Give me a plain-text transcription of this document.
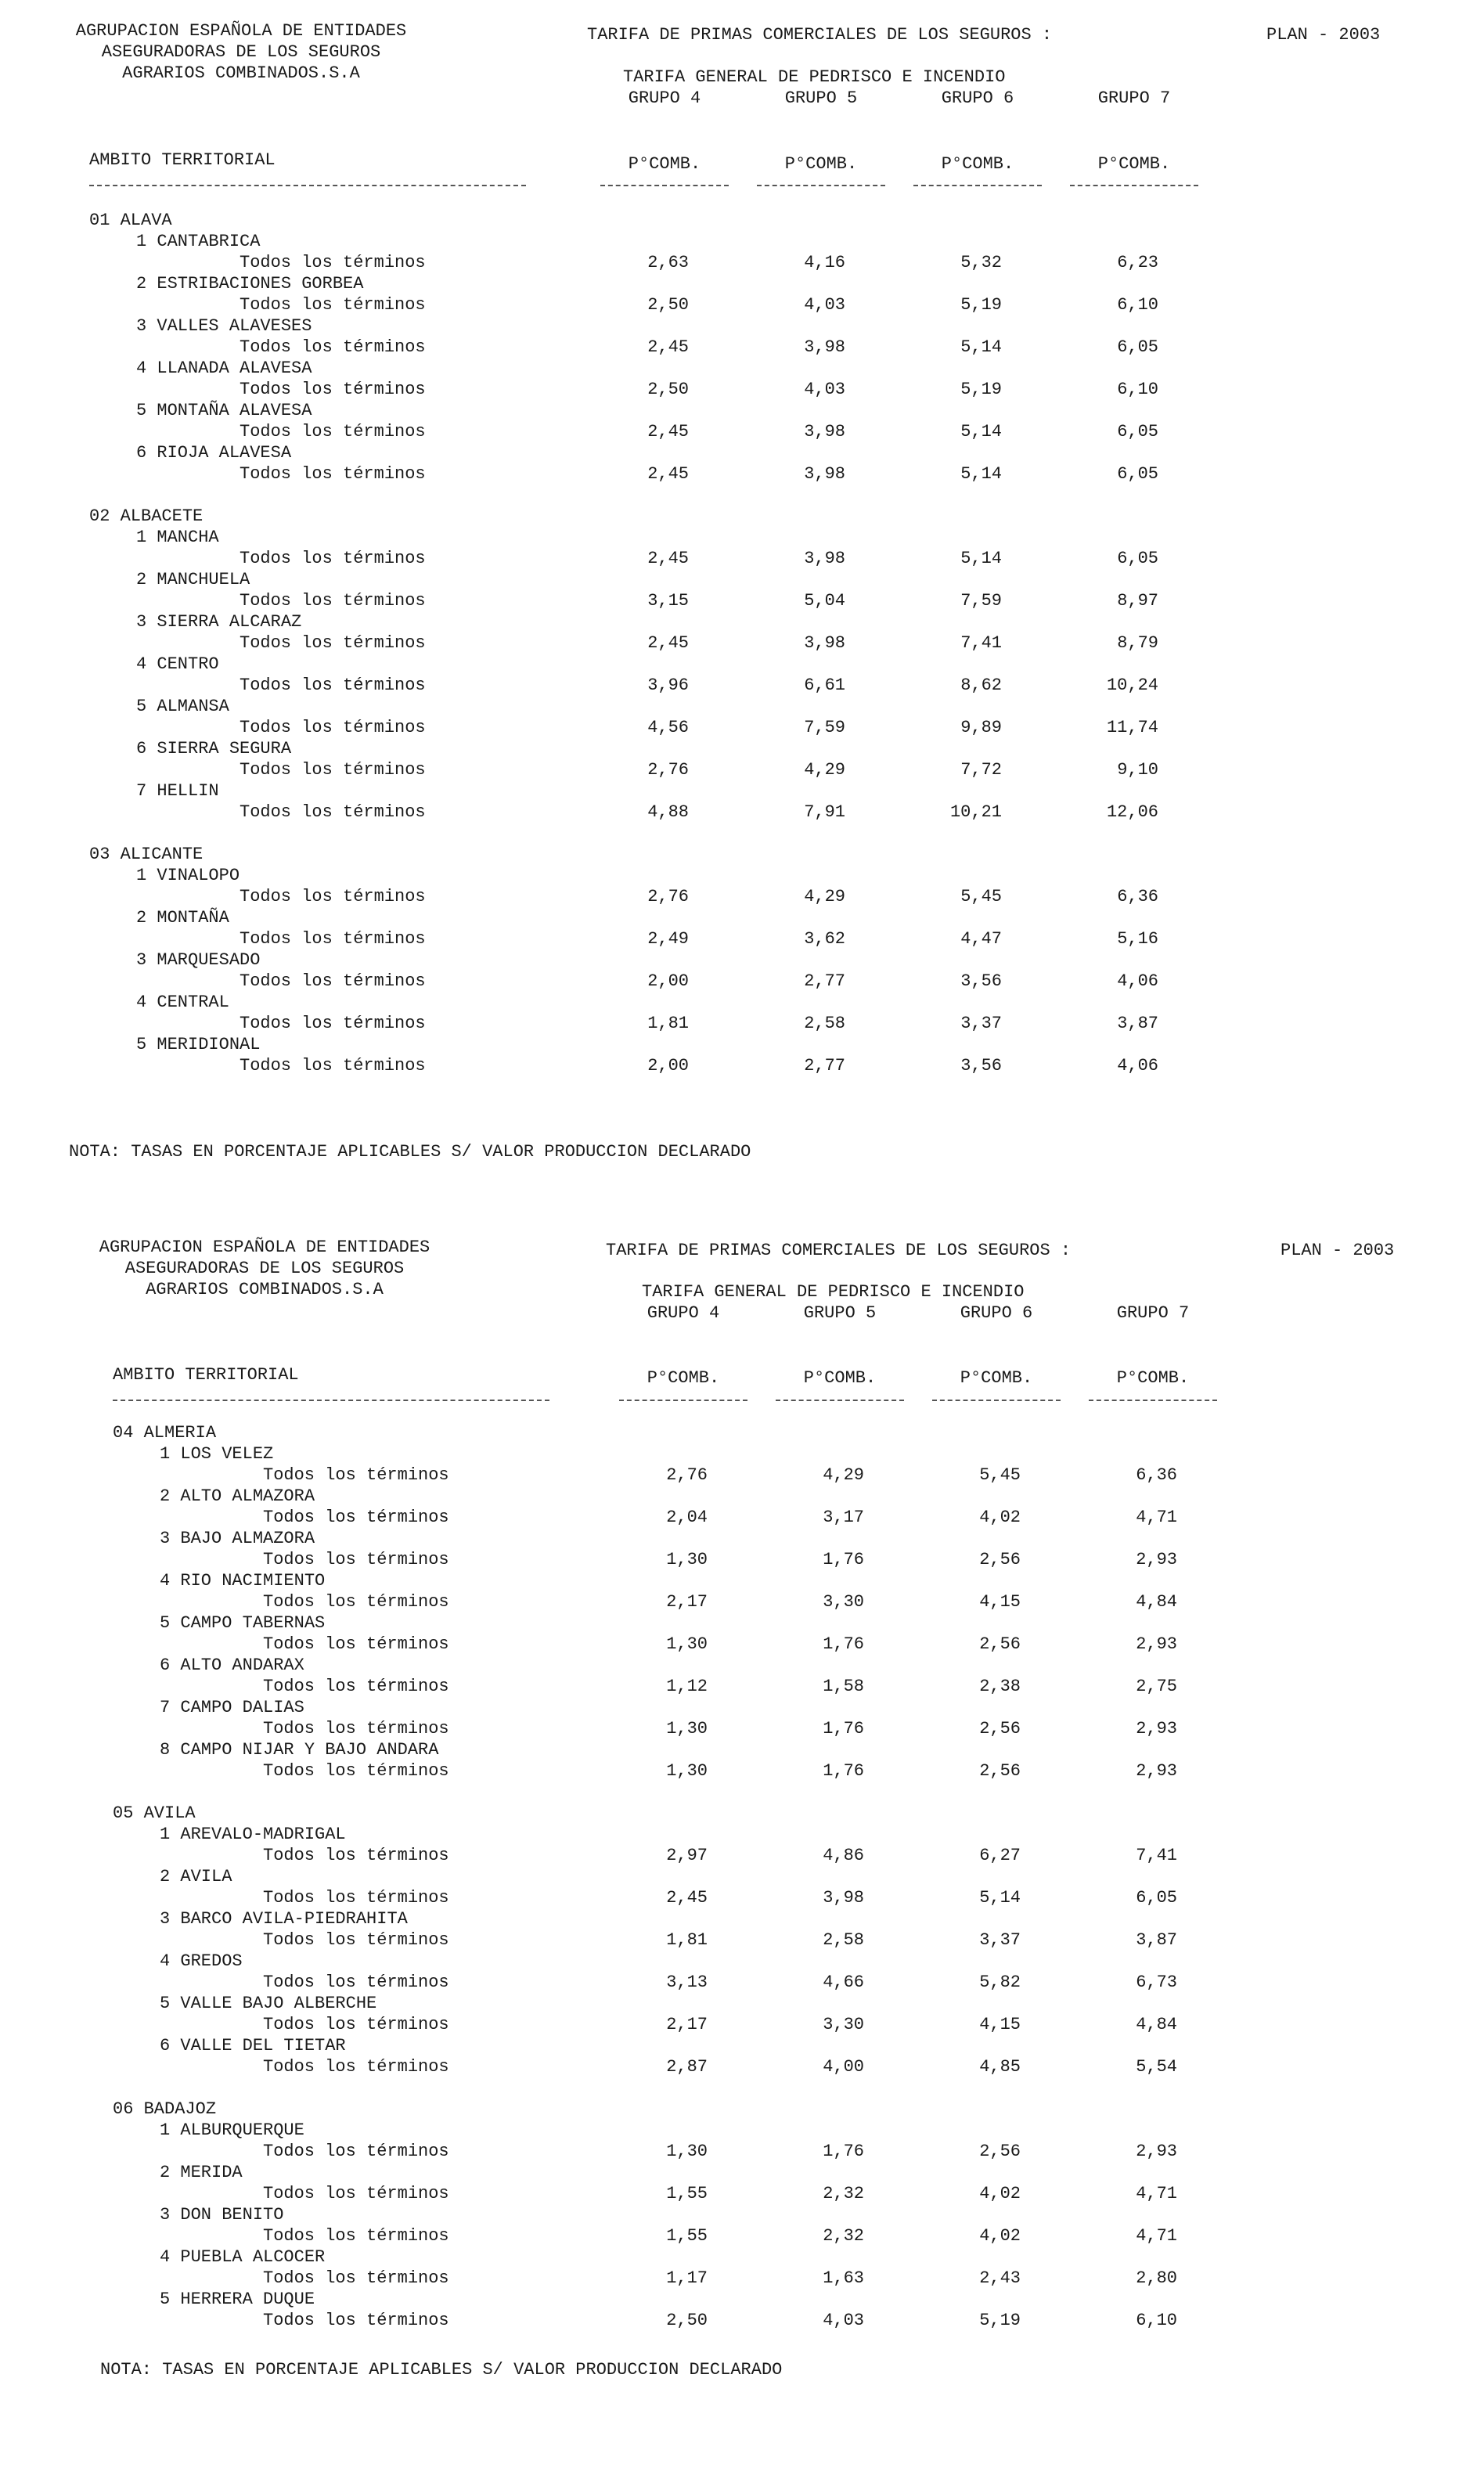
AGRUPACION ESPAÑOLA DE ENTIDADES
ASEGURADORAS DE LOS SEGUROS
AGRARIOS COMBINADOS.S.A
TARIFA DE PRIMAS COMERCIALES DE LOS SEGUROS :	PLAN - 2003
TARIFA GENERAL DE PEDRISCO E INCENDIO
GRUPO 4	GRUPO 5	GRUPO 6	GRUPO 7
AMBITO TERRITORIAL	P°COMB.	P°COMB.	P°COMB.	P°COMB.
01 ALAVA
1 CANTABRICA
Todos los términos	2,63	4,16	5,32	6,23
2 ESTRIBACIONES GORBEA
Todos los términos	2,50	4,03	5,19	6,10
3 VALLES ALAVESES
Todos los términos	2,45	3,98	5,14	6,05
4 LLANADA ALAVESA
Todos los términos	2,50	4,03	5,19	6,10
5 MONTAÑA ALAVESA
Todos los términos	2,45	3,98	5,14	6,05
6 RIOJA ALAVESA
Todos los términos	2,45	3,98	5,14	6,05
02 ALBACETE
1 MANCHA
Todos los términos	2,45	3,98	5,14	6,05
2 MANCHUELA
Todos los términos	3,15	5,04	7,59	8,97
3 SIERRA ALCARAZ
Todos los términos	2,45	3,98	7,41	8,79
4 CENTRO
Todos los términos	3,96	6,61	8,62	10,24
5 ALMANSA
Todos los términos	4,56	7,59	9,89	11,74
6 SIERRA SEGURA
Todos los términos	2,76	4,29	7,72	9,10
7 HELLIN
Todos los términos	4,88	7,91	10,21	12,06
03 ALICANTE
1 VINALOPO
Todos los términos	2,76	4,29	5,45	6,36
2 MONTAÑA
Todos los términos	2,49	3,62	4,47	5,16
3 MARQUESADO
Todos los términos	2,00	2,77	3,56	4,06
4 CENTRAL
Todos los términos	1,81	2,58	3,37	3,87
5 MERIDIONAL
Todos los términos	2,00	2,77	3,56	4,06
NOTA: TASAS EN PORCENTAJE APLICABLES S/ VALOR PRODUCCION DECLARADO
AGRUPACION ESPAÑOLA DE ENTIDADES
ASEGURADORAS DE LOS SEGUROS
AGRARIOS COMBINADOS.S.A
TARIFA DE PRIMAS COMERCIALES DE LOS SEGUROS :	PLAN - 2003
TARIFA GENERAL DE PEDRISCO E INCENDIO
GRUPO 4	GRUPO 5	GRUPO 6	GRUPO 7
AMBITO TERRITORIAL	P°COMB.	P°COMB.	P°COMB.	P°COMB.
04 ALMERIA
1 LOS VELEZ
Todos los términos	2,76	4,29	5,45	6,36
2 ALTO ALMAZORA
Todos los términos	2,04	3,17	4,02	4,71
3 BAJO ALMAZORA
Todos los términos	1,30	1,76	2,56	2,93
4 RIO NACIMIENTO
Todos los términos	2,17	3,30	4,15	4,84
5 CAMPO TABERNAS
Todos los términos	1,30	1,76	2,56	2,93
6 ALTO ANDARAX
Todos los términos	1,12	1,58	2,38	2,75
7 CAMPO DALIAS
Todos los términos	1,30	1,76	2,56	2,93
8 CAMPO NIJAR Y BAJO ANDARA
Todos los términos	1,30	1,76	2,56	2,93
05 AVILA
1 AREVALO-MADRIGAL
Todos los términos	2,97	4,86	6,27	7,41
2 AVILA
Todos los términos	2,45	3,98	5,14	6,05
3 BARCO AVILA-PIEDRAHITA
Todos los términos	1,81	2,58	3,37	3,87
4 GREDOS
Todos los términos	3,13	4,66	5,82	6,73
5 VALLE BAJO ALBERCHE
Todos los términos	2,17	3,30	4,15	4,84
6 VALLE DEL TIETAR
Todos los términos	2,87	4,00	4,85	5,54
06 BADAJOZ
1 ALBURQUERQUE
Todos los términos	1,30	1,76	2,56	2,93
2 MERIDA
Todos los términos	1,55	2,32	4,02	4,71
3 DON BENITO
Todos los términos	1,55	2,32	4,02	4,71
4 PUEBLA ALCOCER
Todos los términos	1,17	1,63	2,43	2,80
5 HERRERA DUQUE
Todos los términos	2,50	4,03	5,19	6,10
NOTA: TASAS EN PORCENTAJE APLICABLES S/ VALOR PRODUCCION DECLARADO
